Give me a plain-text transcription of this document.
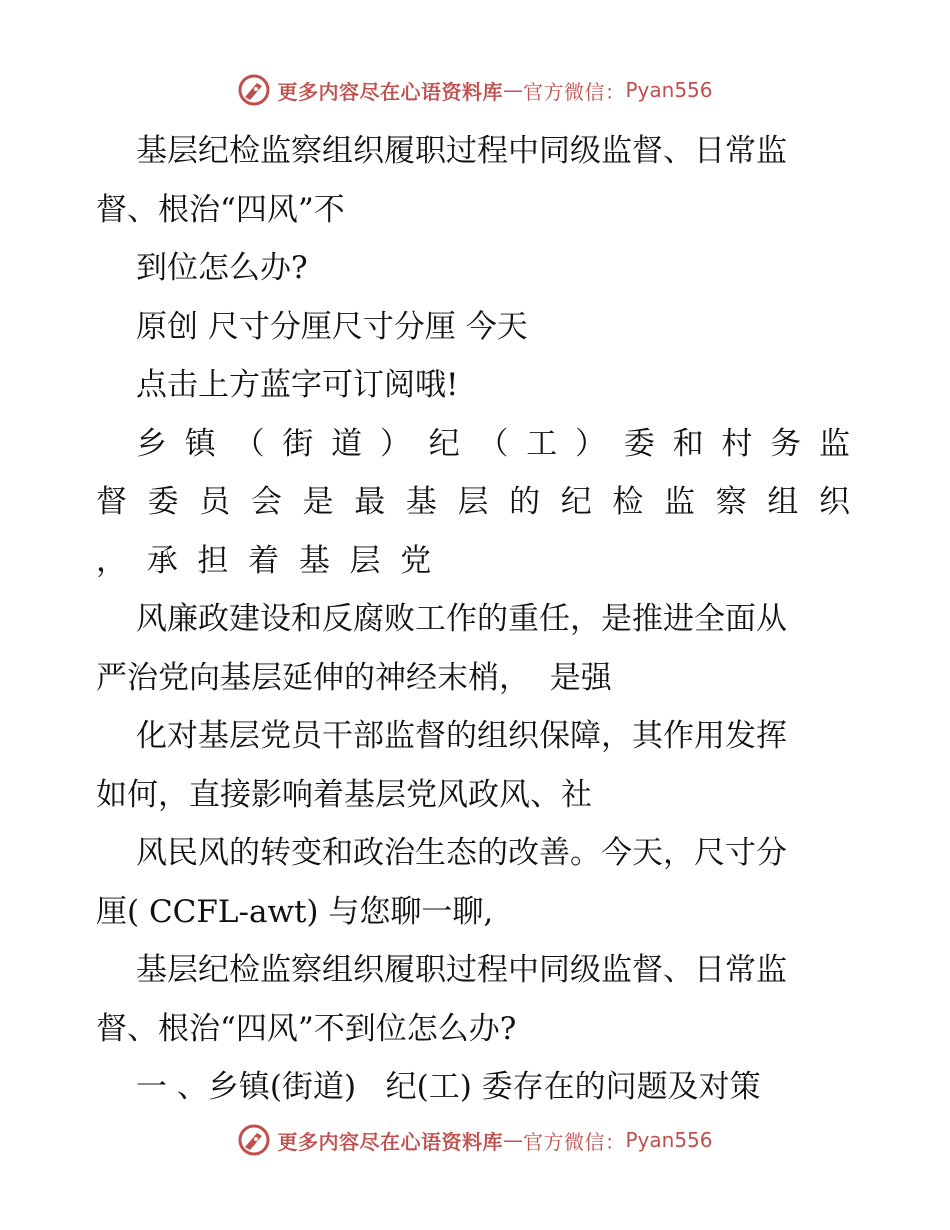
更多内容尽在心语资料库 — 官方微信： Pyan556
基层纪检监察组织履职过程中同级监督、日常监
督、根治“四风”不
到位怎么办?
原创 尺寸分厘尺寸分厘 今天
点击上方蓝字可订阅哦!
乡 镇 （ 街 道 ） 纪 （ 工 ） 委 和 村 务 监
督 委 员 会 是 最 基 层 的 纪 检 监 察 组 织
，  承  担  着  基  层  党
风廉政建设和反腐败工作的重任，是推进全面从
严治党向基层延伸的神经末梢，  是强
化对基层党员干部监督的组织保障，其作用发挥
如何，直接影响着基层党风政风、社
风民风的转变和政治生态的改善。今天，尺寸分
厘( CCFL-awt) 与您聊一聊,
基层纪检监察组织履职过程中同级监督、日常监
督、根治“四风”不到位怎么办?
一 、乡镇(街道)   纪(工) 委存在的问题及对策
更多内容尽在心语资料库 — 官方微信： Pyan556
